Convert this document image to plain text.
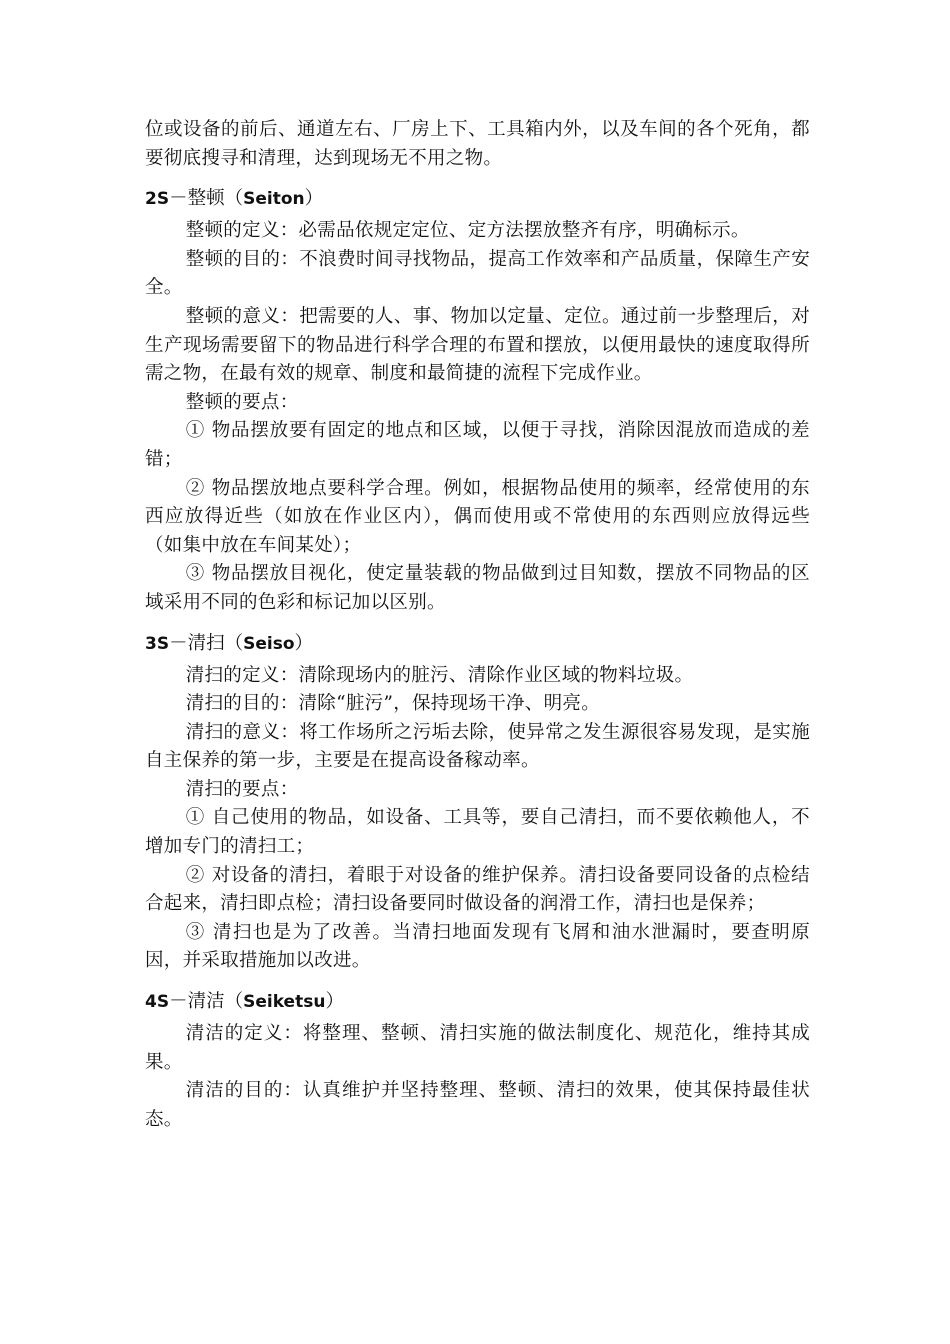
位或设备的前后、通道左右、厂房上下、工具箱内外，以及车间的各个死角，都要彻底搜寻和清理，达到现场无不用之物。

2S－整顿（Seiton）

整顿的定义：必需品依规定定位、定方法摆放整齐有序，明确标示。

整顿的目的：不浪费时间寻找物品，提高工作效率和产品质量，保障生产安全。

整顿的意义：把需要的人、事、物加以定量、定位。通过前一步整理后，对生产现场需要留下的物品进行科学合理的布置和摆放，以便用最快的速度取得所需之物，在最有效的规章、制度和最简捷的流程下完成作业。

整顿的要点：

① 物品摆放要有固定的地点和区域，以便于寻找，消除因混放而造成的差错；

② 物品摆放地点要科学合理。例如，根据物品使用的频率，经常使用的东西应放得近些（如放在作业区内），偶而使用或不常使用的东西则应放得远些（如集中放在车间某处）；

③ 物品摆放目视化，使定量装载的物品做到过目知数，摆放不同物品的区域采用不同的色彩和标记加以区别。

3S－清扫（Seiso）

清扫的定义：清除现场内的脏污、清除作业区域的物料垃圾。

清扫的目的：清除“脏污”，保持现场干净、明亮。

清扫的意义：将工作场所之污垢去除，使异常之发生源很容易发现，是实施自主保养的第一步，主要是在提高设备稼动率。

清扫的要点：

① 自己使用的物品，如设备、工具等，要自己清扫，而不要依赖他人，不增加专门的清扫工；

② 对设备的清扫，着眼于对设备的维护保养。清扫设备要同设备的点检结合起来，清扫即点检；清扫设备要同时做设备的润滑工作，清扫也是保养；

③ 清扫也是为了改善。当清扫地面发现有飞屑和油水泄漏时，要查明原因，并采取措施加以改进。

4S－清洁（Seiketsu）

清洁的定义：将整理、整顿、清扫实施的做法制度化、规范化，维持其成果。

清洁的目的：认真维护并坚持整理、整顿、清扫的效果，使其保持最佳状态。
